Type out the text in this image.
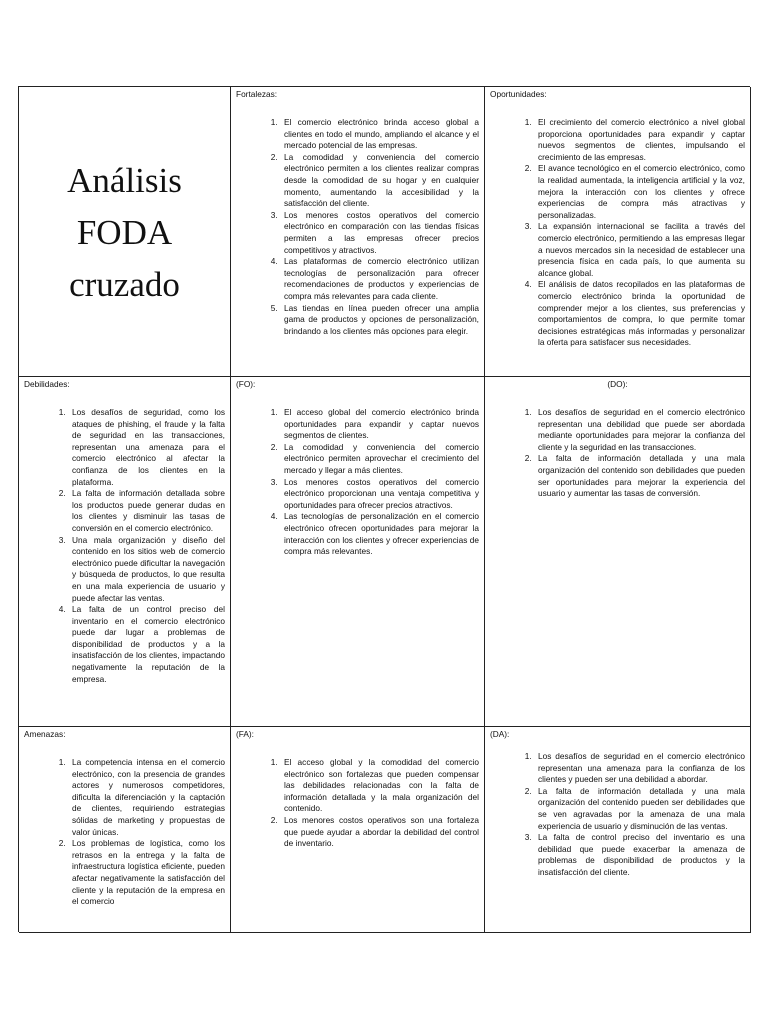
Análisis
FODA
cruzado
Fortalezas:
1. El comercio electrónico brinda acceso global a clientes en todo el mundo, ampliando el alcance y el mercado potencial de las empresas.
2. La comodidad y conveniencia del comercio electrónico permiten a los clientes realizar compras desde la comodidad de su hogar y en cualquier momento, aumentando la accesibilidad y la satisfacción del cliente.
3. Los menores costos operativos del comercio electrónico en comparación con las tiendas físicas permiten a las empresas ofrecer precios competitivos y atractivos.
4. Las plataformas de comercio electrónico utilizan tecnologías de personalización para ofrecer recomendaciones de productos y experiencias de compra más relevantes para cada cliente.
5. Las tiendas en línea pueden ofrecer una amplia gama de productos y opciones de personalización, brindando a los clientes más opciones para elegir.
Oportunidades:
1. El crecimiento del comercio electrónico a nivel global proporciona oportunidades para expandir y captar nuevos segmentos de clientes, impulsando el crecimiento de las empresas.
2. El avance tecnológico en el comercio electrónico, como la realidad aumentada, la inteligencia artificial y la voz, mejora la interacción con los clientes y ofrece experiencias de compra más atractivas y personalizadas.
3. La expansión internacional se facilita a través del comercio electrónico, permitiendo a las empresas llegar a nuevos mercados sin la necesidad de establecer una presencia física en cada país, lo que aumenta su alcance global.
4. El análisis de datos recopilados en las plataformas de comercio electrónico brinda la oportunidad de comprender mejor a los clientes, sus preferencias y comportamientos de compra, lo que permite tomar decisiones estratégicas más informadas y personalizar la oferta para satisfacer sus necesidades.
Debilidades:
1. Los desafíos de seguridad, como los ataques de phishing, el fraude y la falta de seguridad en las transacciones, representan una amenaza para el comercio electrónico al afectar la confianza de los clientes en la plataforma.
2. La falta de información detallada sobre los productos puede generar dudas en los clientes y disminuir las tasas de conversión en el comercio electrónico.
3. Una mala organización y diseño del contenido en los sitios web de comercio electrónico puede dificultar la navegación y búsqueda de productos, lo que resulta en una mala experiencia de usuario y puede afectar las ventas.
4. La falta de un control preciso del inventario en el comercio electrónico puede dar lugar a problemas de disponibilidad de productos y a la insatisfacción de los clientes, impactando negativamente la reputación de la empresa.
(FO):
1. El acceso global del comercio electrónico brinda oportunidades para expandir y captar nuevos segmentos de clientes.
2. La comodidad y conveniencia del comercio electrónico permiten aprovechar el crecimiento del mercado y llegar a más clientes.
3. Los menores costos operativos del comercio electrónico proporcionan una ventaja competitiva y oportunidades para ofrecer precios atractivos.
4. Las tecnologías de personalización en el comercio electrónico ofrecen oportunidades para mejorar la interacción con los clientes y ofrecer experiencias de compra más relevantes.
(DO):
1. Los desafíos de seguridad en el comercio electrónico representan una debilidad que puede ser abordada mediante oportunidades para mejorar la confianza del cliente y la seguridad en las transacciones.
2. La falta de información detallada y una mala organización del contenido son debilidades que pueden ser oportunidades para mejorar la experiencia del usuario y aumentar las tasas de conversión.
Amenazas:
1. La competencia intensa en el comercio electrónico, con la presencia de grandes actores y numerosos competidores, dificulta la diferenciación y la captación de clientes, requiriendo estrategias sólidas de marketing y propuestas de valor únicas.
2. Los problemas de logística, como los retrasos en la entrega y la falta de infraestructura logística eficiente, pueden afectar negativamente la satisfacción del cliente y la reputación de la empresa en el comercio
(FA):
1. El acceso global y la comodidad del comercio electrónico son fortalezas que pueden compensar las debilidades relacionadas con la falta de información detallada y la mala organización del contenido.
2. Los menores costos operativos son una fortaleza que puede ayudar a abordar la debilidad del control de inventario.
(DA):
1. Los desafíos de seguridad en el comercio electrónico representan una amenaza para la confianza de los clientes y pueden ser una debilidad a abordar.
2. La falta de información detallada y una mala organización del contenido pueden ser debilidades que se ven agravadas por la amenaza de una mala experiencia de usuario y disminución de las ventas.
3. La falta de control preciso del inventario es una debilidad que puede exacerbar la amenaza de problemas de disponibilidad de productos y la insatisfacción del cliente.
